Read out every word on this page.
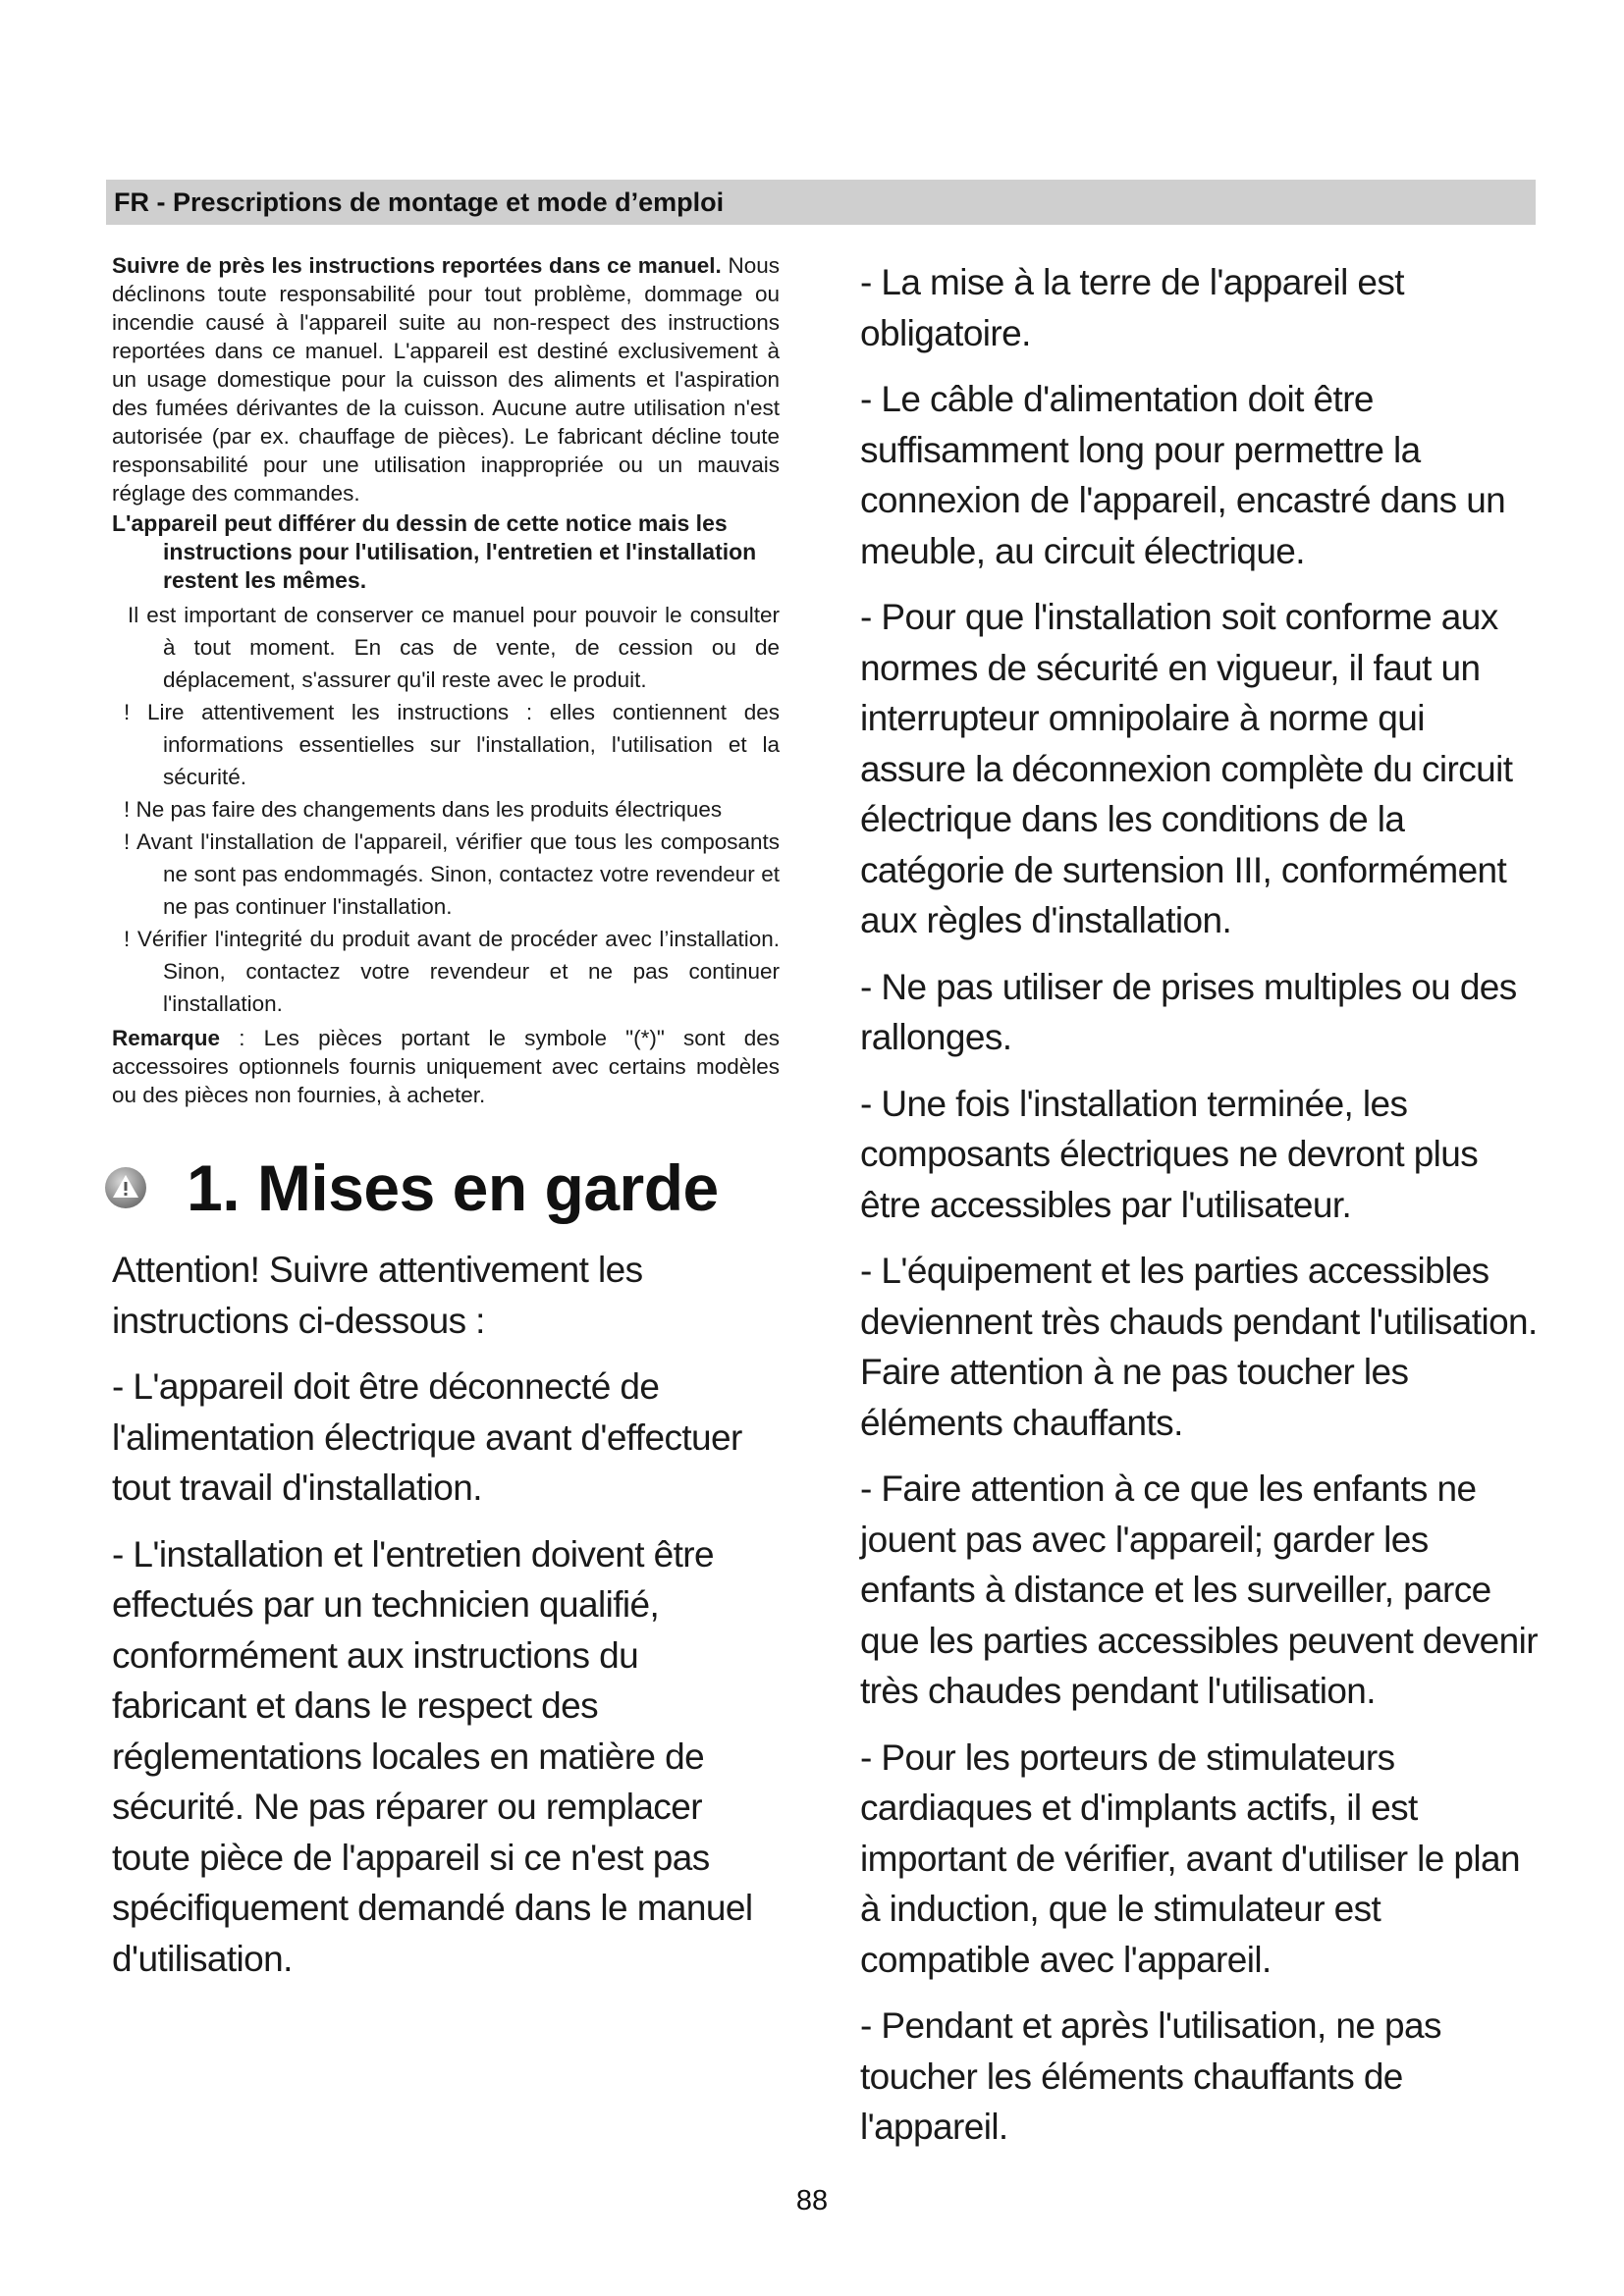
FR - Prescriptions de montage et mode d’emploi

Suivre de près les instructions reportées dans ce manuel. Nous déclinons toute responsabilité pour tout problème, dommage ou incendie causé à l'appareil suite au non-respect des instructions reportées dans ce manuel. L'appareil est destiné exclusivement à un usage domestique pour la cuisson des aliments et l'aspiration des fumées dérivantes de la cuisson. Aucune autre utilisation n'est autorisée (par ex. chauffage de pièces). Le fabricant décline toute responsabilité pour une utilisation inappropriée ou un mauvais réglage des commandes.

L'appareil peut différer du dessin de cette notice mais les
instructions pour l'utilisation, l'entretien et l'installation restent les mêmes.

Il est important de conserver ce manuel pour pouvoir le consulter à tout moment. En cas de vente, de cession ou de déplacement, s'assurer qu'il reste avec le produit.
! Lire attentivement les instructions : elles contiennent des informations essentielles sur l'installation, l'utilisation et la sécurité.
! Ne pas faire des changements dans les produits électriques
! Avant l'installation de l'appareil, vérifier que tous les composants ne sont pas endommagés. Sinon, contactez votre revendeur et ne pas continuer l'installation.
! Vérifier l'integrité du produit avant de procéder avec l’installation. Sinon, contactez votre revendeur et ne pas continuer l'installation.

Remarque : Les pièces portant le symbole "(*)" sont des accessoires optionnels fournis uniquement avec certains modèles ou des pièces non fournies, à acheter.

1. Mises en garde

Attention! Suivre attentivement les instructions ci-dessous :

- L'appareil doit être déconnecté de l'alimentation électrique avant d'effectuer tout travail d'installation.

- L'installation et l'entretien doivent être effectués par un technicien qualifié, conformément aux instructions du fabricant et dans le respect des réglementations locales en matière de sécurité. Ne pas réparer ou remplacer toute pièce de l'appareil si ce n'est pas spécifiquement demandé dans le manuel d'utilisation.

- La mise à la terre de l'appareil est obligatoire.

- Le câble d'alimentation doit être suffisamment long pour permettre la connexion de l'appareil, encastré dans un meuble, au circuit électrique.

- Pour que l'installation soit conforme aux normes de sécurité en vigueur, il faut un interrupteur omnipolaire à norme qui assure la déconnexion complète du circuit électrique dans les conditions de la catégorie de surtension III, conformément aux règles d'installation.

- Ne pas utiliser de prises multiples ou des rallonges.

- Une fois l'installation terminée, les composants électriques ne devront plus être accessibles par l'utilisateur.

- L'équipement et les parties accessibles deviennent très chauds pendant l'utilisation. Faire attention à ne pas toucher les éléments chauffants.

- Faire attention à ce que les enfants ne jouent pas avec l'appareil; garder les enfants à distance et les surveiller, parce que les parties accessibles peuvent devenir très chaudes pendant l'utilisation.

- Pour les porteurs de stimulateurs cardiaques et d'implants actifs, il est important de vérifier, avant d'utiliser le plan à induction, que le stimulateur est compatible avec l'appareil.

- Pendant et après l'utilisation, ne pas toucher les éléments chauffants de l'appareil.

88
